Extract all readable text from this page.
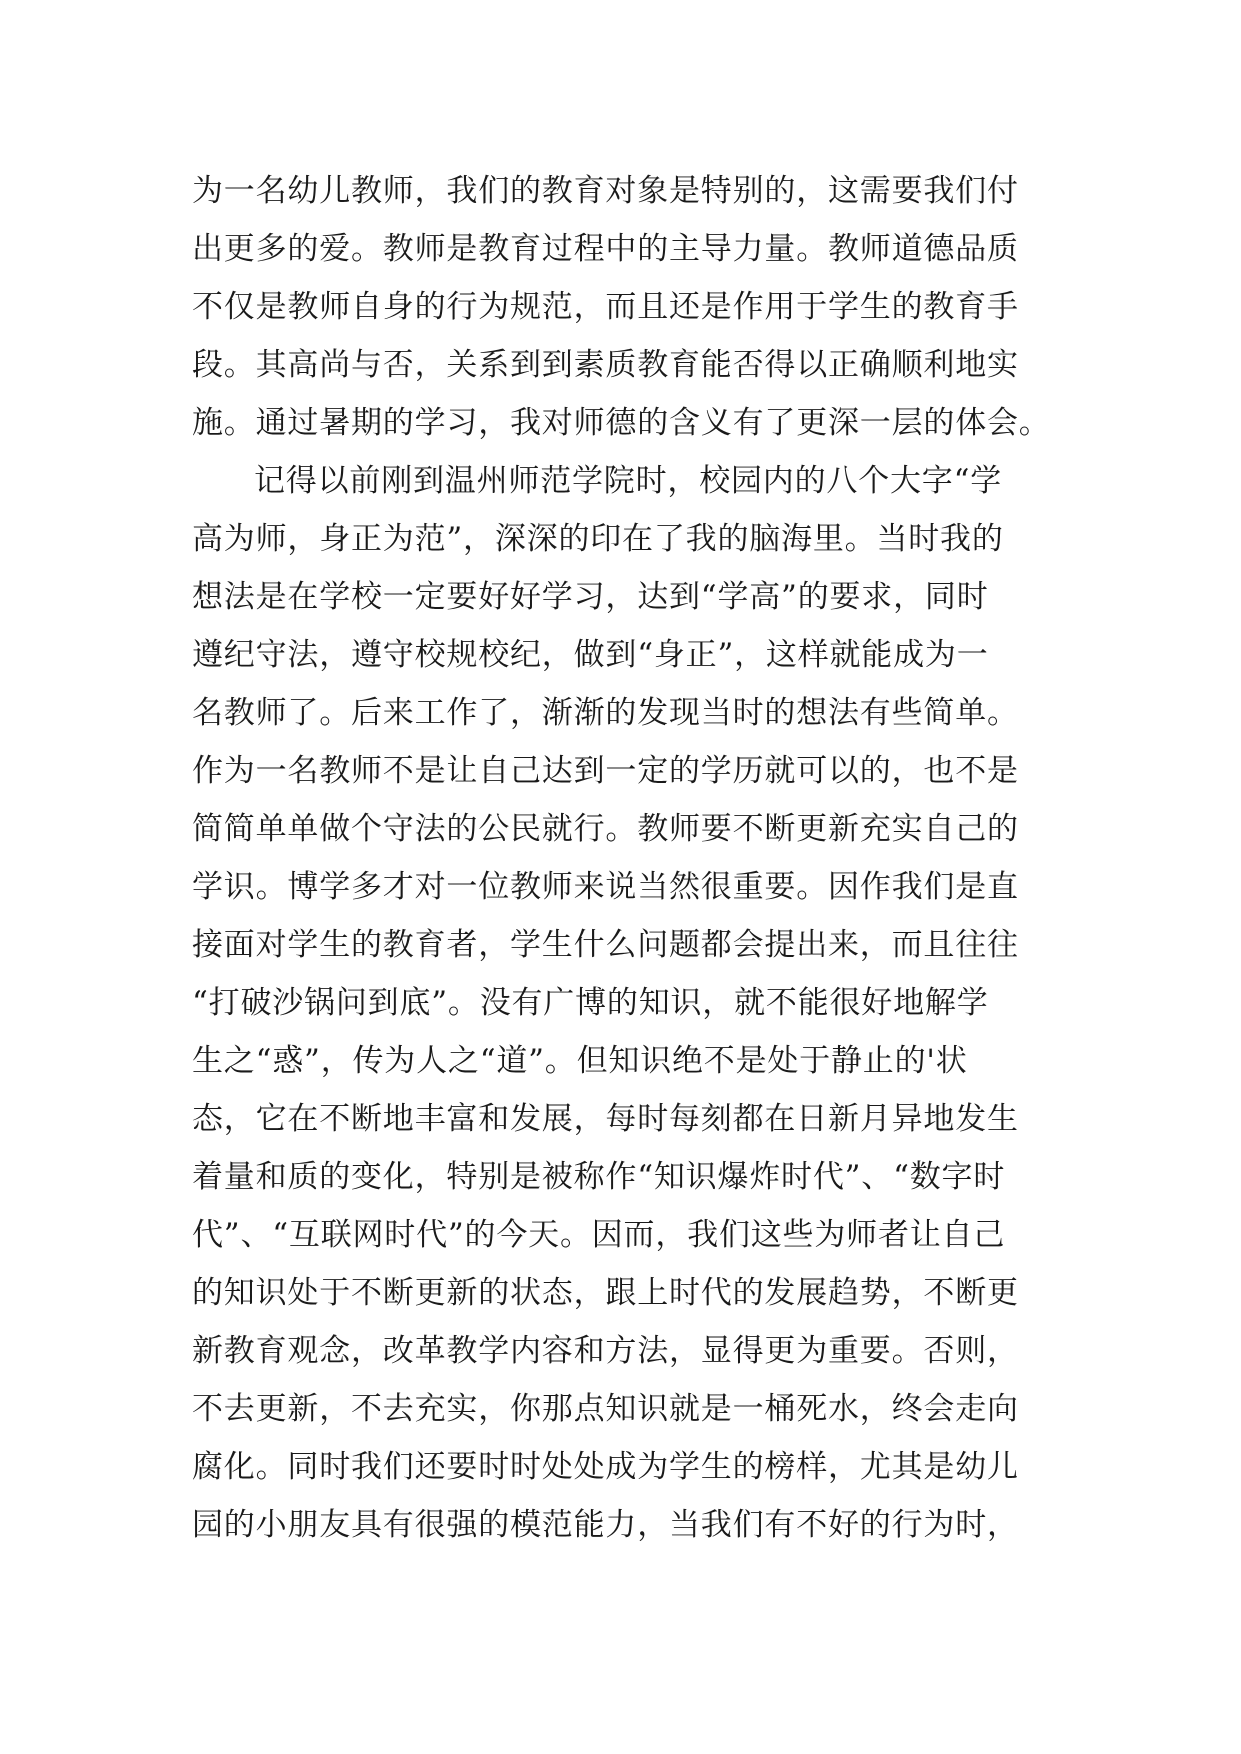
为一名幼儿教师，我们的教育对象是特别的，这需要我们付
出更多的爱。教师是教育过程中的主导力量。教师道德品质
不仅是教师自身的行为规范，而且还是作用于学生的教育手
段。其高尚与否，关系到到素质教育能否得以正确顺利地实
施。通过暑期的学习，我对师德的含义有了更深一层的体会。
记得以前刚到温州师范学院时，校园内的八个大字“学
高为师，身正为范”，深深的印在了我的脑海里。当时我的
想法是在学校一定要好好学习，达到“学高”的要求，同时
遵纪守法，遵守校规校纪，做到“身正”，这样就能成为一
名教师了。后来工作了，渐渐的发现当时的想法有些简单。
作为一名教师不是让自己达到一定的学历就可以的，也不是
简简单单做个守法的公民就行。教师要不断更新充实自己的
学识。博学多才对一位教师来说当然很重要。因作我们是直
接面对学生的教育者，学生什么问题都会提出来，而且往往
“打破沙锅问到底”。没有广博的知识，就不能很好地解学
生之“惑”，传为人之“道”。但知识绝不是处于静止的'状
态，它在不断地丰富和发展，每时每刻都在日新月异地发生
着量和质的变化，特别是被称作“知识爆炸时代”、“数字时
代”、“互联网时代”的今天。因而，我们这些为师者让自己
的知识处于不断更新的状态，跟上时代的发展趋势，不断更
新教育观念，改革教学内容和方法，显得更为重要。否则，
不去更新，不去充实，你那点知识就是一桶死水，终会走向
腐化。同时我们还要时时处处成为学生的榜样，尤其是幼儿
园的小朋友具有很强的模范能力，当我们有不好的行为时，
